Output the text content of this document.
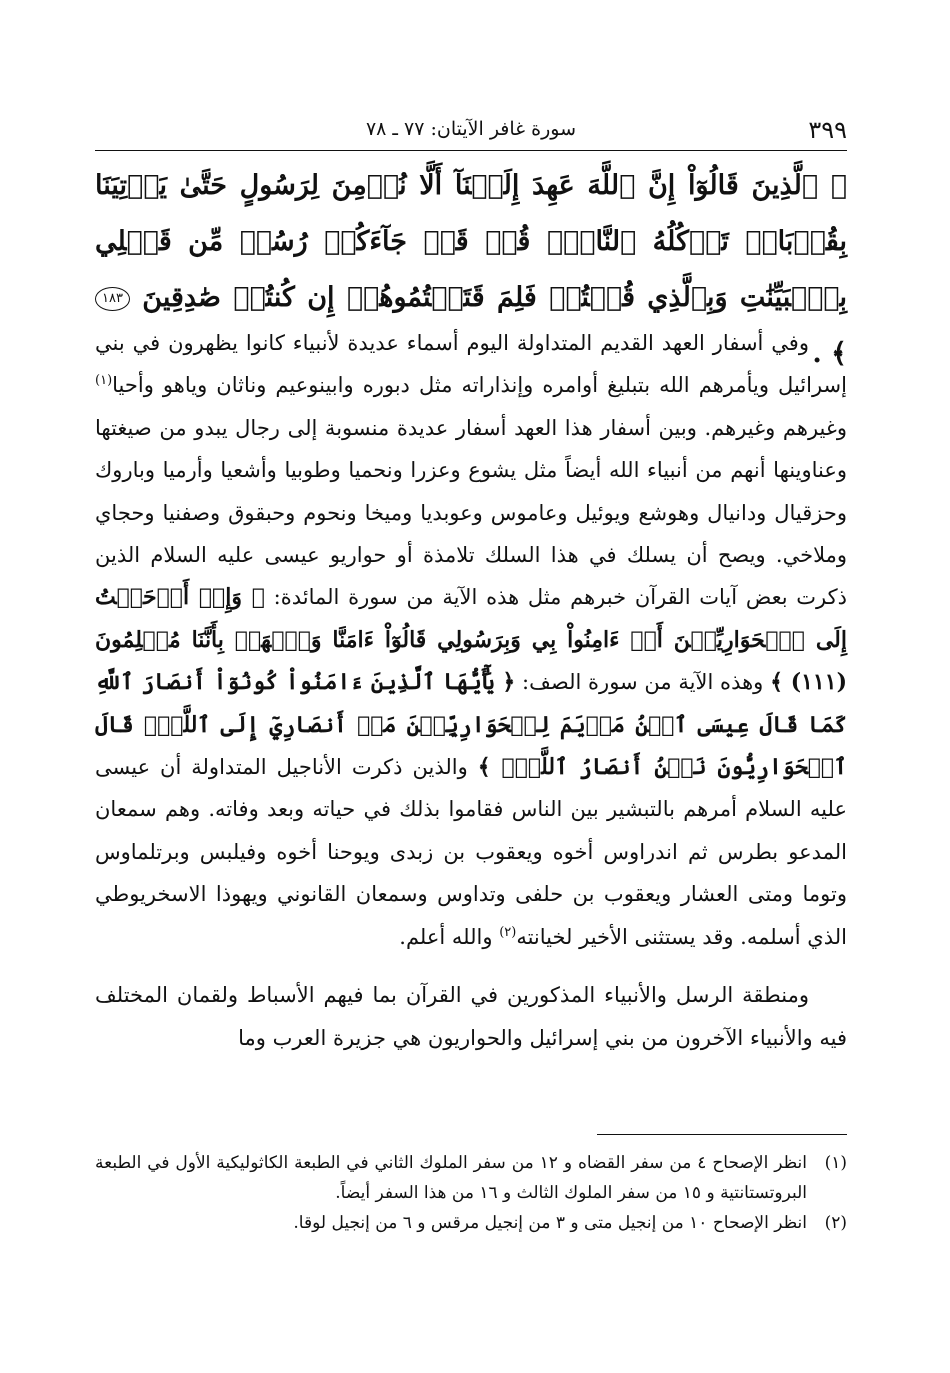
٣٩٩
سورة غافر الآيتان: ٧٧ ـ ٧٨
﴿ ٱلَّذِينَ قَالُوٓاْ إِنَّ ٱللَّهَ عَهِدَ إِلَيۡنَآ أَلَّا نُؤۡمِنَ لِرَسُولٍ حَتَّىٰ يَأۡتِيَنَا بِقُرۡبَانٖ تَأۡكُلُهُ ٱلنَّارُۗ قُلۡ قَدۡ جَآءَكُمۡ رُسُلٞ مِّن قَبۡلِي بِٱلۡبَيِّنَٰتِ وَبِٱلَّذِي قُلۡتُمۡ فَلِمَ قَتَلۡتُمُوهُمۡ إِن كُنتُمۡ صَٰدِقِينَ ١٨٣ ﴾ .

وفي أسفار العهد القديم المتداولة اليوم أسماء عديدة لأنبياء كانوا يظهرون في بني إسرائيل ويأمرهم الله بتبليغ أوامره وإنذاراته مثل دبوره وابينوعيم وناثان وياهو وأحيا$^{(١)}$ وغيرهم وغيرهم. وبين أسفار هذا العهد أسفار عديدة منسوبة إلى رجال يبدو من صيغتها وعناوينها أنهم من أنبياء الله أيضاً مثل يشوع وعزرا ونحميا وطوبيا وأشعيا وأرميا وباروك وحزقيال ودانيال وهوشع ويوئيل وعاموس وعوبديا وميخا ونحوم وحبقوق وصفنيا وحجاي وملاخي. ويصح أن يسلك في هذا السلك تلامذة أو حواريو عيسى عليه السلام الذين ذكرت بعض آيات القرآن خبرهم مثل هذه الآية من سورة المائدة: ﴿ وَإِذۡ أَوۡحَيۡتُ إِلَى ٱلۡحَوَارِيِّـۧنَ أَنۡ ءَامِنُواْ بِي وَبِرَسُولِي قَالُوٓاْ ءَامَنَّا وَٱشۡهَدۡ بِأَنَّنَا مُسۡلِمُونَ (١١١) ﴾ وهذه الآية من سورة الصف: ﴿ يَٰٓأَيُّهَا ٱلَّذِينَ ءَامَنُواْ كُونُوٓاْ أَنصَارَ ٱللَّهِ كَمَا قَالَ عِيسَى ٱبۡنُ مَرۡيَمَ لِلۡحَوَارِيِّـۧنَ مَنۡ أَنصَارِيٓ إِلَى ٱللَّهِۖ قَالَ ٱلۡحَوَارِيُّونَ نَحۡنُ أَنصَارُ ٱللَّهِۖ ﴾ والذين ذكرت الأناجيل المتداولة أن عيسى عليه السلام أمرهم بالتبشير بين الناس فقاموا بذلك في حياته وبعد وفاته. وهم سمعان المدعو بطرس ثم اندراوس أخوه ويعقوب بن زبدى ويوحنا أخوه وفيلبس وبرتلماوس وتوما ومتى العشار ويعقوب بن حلفى وتداوس وسمعان القانوني ويهوذا الاسخريوطي الذي أسلمه. وقد يستثنى الأخير لخيانته$^{(٢)}$ والله أعلم.

ومنطقة الرسل والأنبياء المذكورين في القرآن بما فيهم الأسباط ولقمان المختلف فيه والأنبياء الآخرون من بني إسرائيل والحواريون هي جزيرة العرب وما

(١)
انظر الإصحاح ٤ من سفر القضاه و ١٢ من سفر الملوك الثاني في الطبعة الكاثوليكية الأول في الطبعة البروتستانتية و ١٥ من سفر الملوك الثالث و ١٦ من هذا السفر أيضاً.
(٢)
انظر الإصحاح ١٠ من إنجيل متى و ٣ من إنجيل مرقس و ٦ من إنجيل لوقا.
